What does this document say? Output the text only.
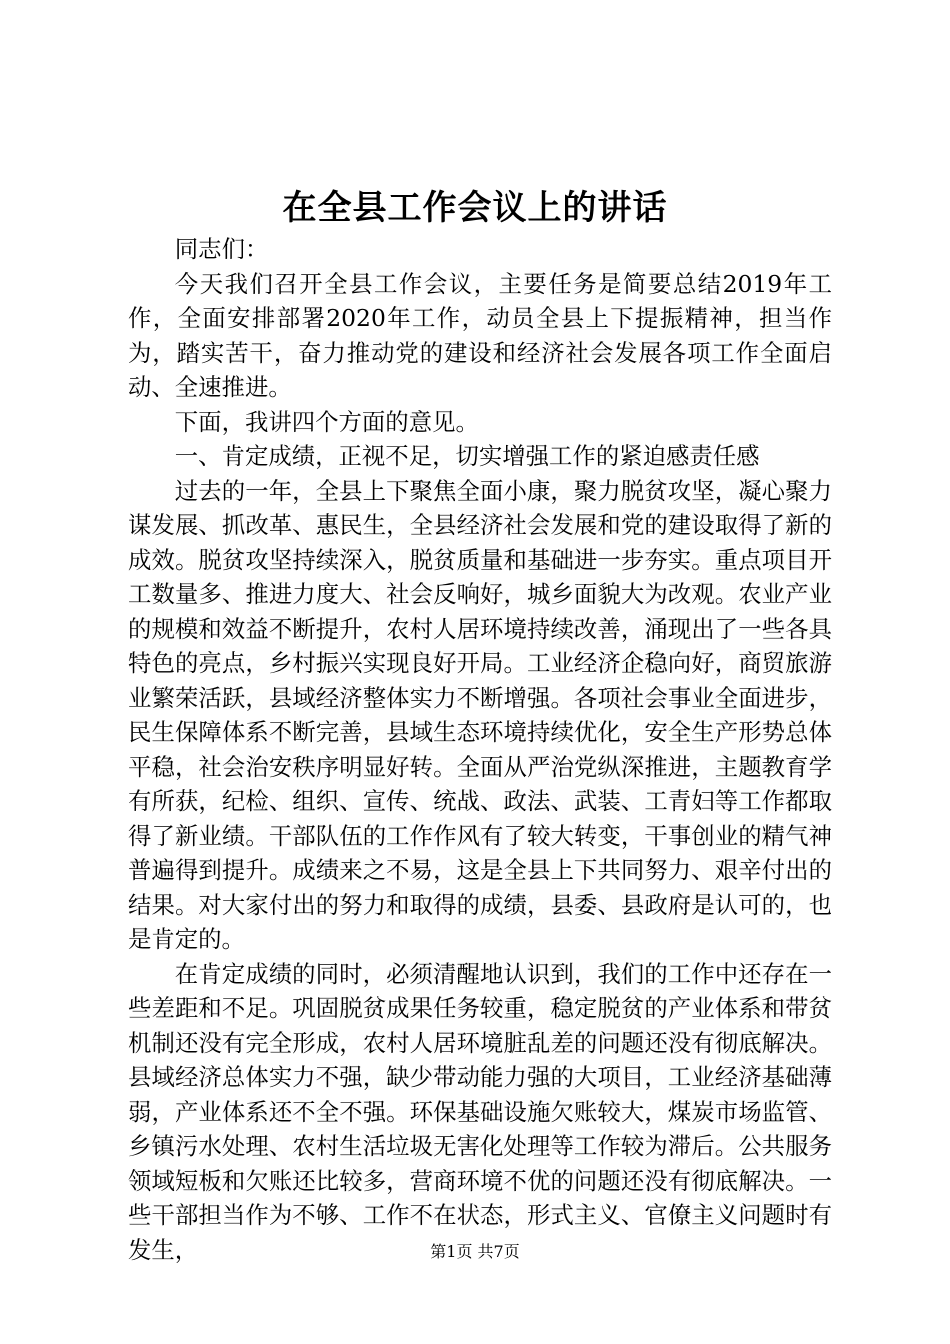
在全县工作会议上的讲话

同志们：

今天我们召开全县工作会议，主要任务是简要总结2019年工作，全面安排部署2020年工作，动员全县上下提振精神，担当作为，踏实苦干，奋力推动党的建设和经济社会发展各项工作全面启动、全速推进。

下面，我讲四个方面的意见。

一、肯定成绩，正视不足，切实增强工作的紧迫感责任感

过去的一年，全县上下聚焦全面小康，聚力脱贫攻坚，凝心聚力谋发展、抓改革、惠民生，全县经济社会发展和党的建设取得了新的成效。脱贫攻坚持续深入，脱贫质量和基础进一步夯实。重点项目开工数量多、推进力度大、社会反响好，城乡面貌大为改观。农业产业的规模和效益不断提升，农村人居环境持续改善，涌现出了一些各具特色的亮点，乡村振兴实现良好开局。工业经济企稳向好，商贸旅游业繁荣活跃，县域经济整体实力不断增强。各项社会事业全面进步，民生保障体系不断完善，县域生态环境持续优化，安全生产形势总体平稳，社会治安秩序明显好转。全面从严治党纵深推进，主题教育学有所获，纪检、组织、宣传、统战、政法、武装、工青妇等工作都取得了新业绩。干部队伍的工作作风有了较大转变，干事创业的精气神普遍得到提升。成绩来之不易，这是全县上下共同努力、艰辛付出的结果。对大家付出的努力和取得的成绩，县委、县政府是认可的，也是肯定的。

在肯定成绩的同时，必须清醒地认识到，我们的工作中还存在一些差距和不足。巩固脱贫成果任务较重，稳定脱贫的产业体系和带贫机制还没有完全形成，农村人居环境脏乱差的问题还没有彻底解决。县域经济总体实力不强，缺少带动能力强的大项目，工业经济基础薄弱，产业体系还不全不强。环保基础设施欠账较大，煤炭市场监管、乡镇污水处理、农村生活垃圾无害化处理等工作较为滞后。公共服务领域短板和欠账还比较多，营商环境不优的问题还没有彻底解决。一些干部担当作为不够、工作不在状态，形式主义、官僚主义问题时有发生，	第1页 共7页
